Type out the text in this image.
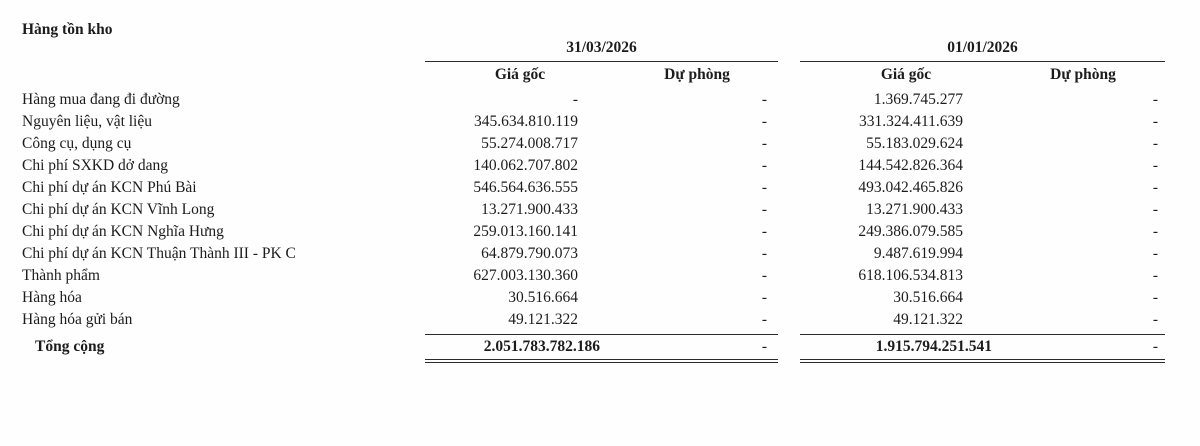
Hàng tồn kho
31/03/2026	01/01/2026
Giá gốc	Dự phòng	Giá gốc	Dự phòng
Hàng mua đang đi đường	-	-	1.369.745.277	-
Nguyên liệu, vật liệu	345.634.810.119	-	331.324.411.639	-
Công cụ, dụng cụ	55.274.008.717	-	55.183.029.624	-
Chi phí SXKD dở dang	140.062.707.802	-	144.542.826.364	-
Chi phí dự án KCN Phú Bài	546.564.636.555	-	493.042.465.826	-
Chi phí dự án KCN Vĩnh Long	13.271.900.433	-	13.271.900.433	-
Chi phí dự án KCN Nghĩa Hưng	259.013.160.141	-	249.386.079.585	-
Chi phí dự án KCN Thuận Thành III - PK C	64.879.790.073	-	9.487.619.994	-
Thành phẩm	627.003.130.360	-	618.106.534.813	-
Hàng hóa	30.516.664	-	30.516.664	-
Hàng hóa gửi bán	49.121.322	-	49.121.322	-
Tổng cộng	2.051.783.782.186	-	1.915.794.251.541	-
